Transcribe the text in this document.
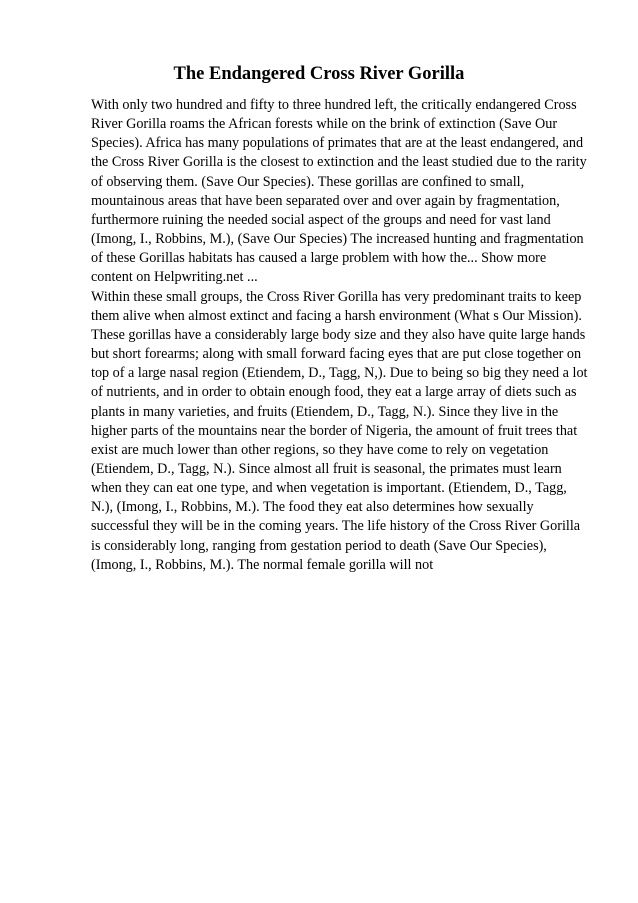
The Endangered Cross River Gorilla

With only two hundred and fifty to three hundred left, the critically endangered Cross River Gorilla roams the African forests while on the brink of extinction (Save Our Species). Africa has many populations of primates that are at the least endangered, and the Cross River Gorilla is the closest to extinction and the least studied due to the rarity of observing them. (Save Our Species). These gorillas are confined to small, mountainous areas that have been separated over and over again by fragmentation, furthermore ruining the needed social aspect of the groups and need for vast land (Imong, I., Robbins, M.), (Save Our Species) The increased hunting and fragmentation of these Gorillas habitats has caused a large problem with how the... Show more content on Helpwriting.net ...

Within these small groups, the Cross River Gorilla has very predominant traits to keep them alive when almost extinct and facing a harsh environment (What s Our Mission). These gorillas have a considerably large body size and they also have quite large hands but short forearms; along with small forward facing eyes that are put close together on top of a large nasal region (Etiendem, D., Tagg, N,). Due to being so big they need a lot of nutrients, and in order to obtain enough food, they eat a large array of diets such as plants in many varieties, and fruits (Etiendem, D., Tagg, N.). Since they live in the higher parts of the mountains near the border of Nigeria, the amount of fruit trees that exist are much lower than other regions, so they have come to rely on vegetation (Etiendem, D., Tagg, N.). Since almost all fruit is seasonal, the primates must learn when they can eat one type, and when vegetation is important. (Etiendem, D., Tagg, N.), (Imong, I., Robbins, M.). The food they eat also determines how sexually successful they will be in the coming years. The life history of the Cross River Gorilla is considerably long, ranging from gestation period to death (Save Our Species), (Imong, I., Robbins, M.). The normal female gorilla will not
